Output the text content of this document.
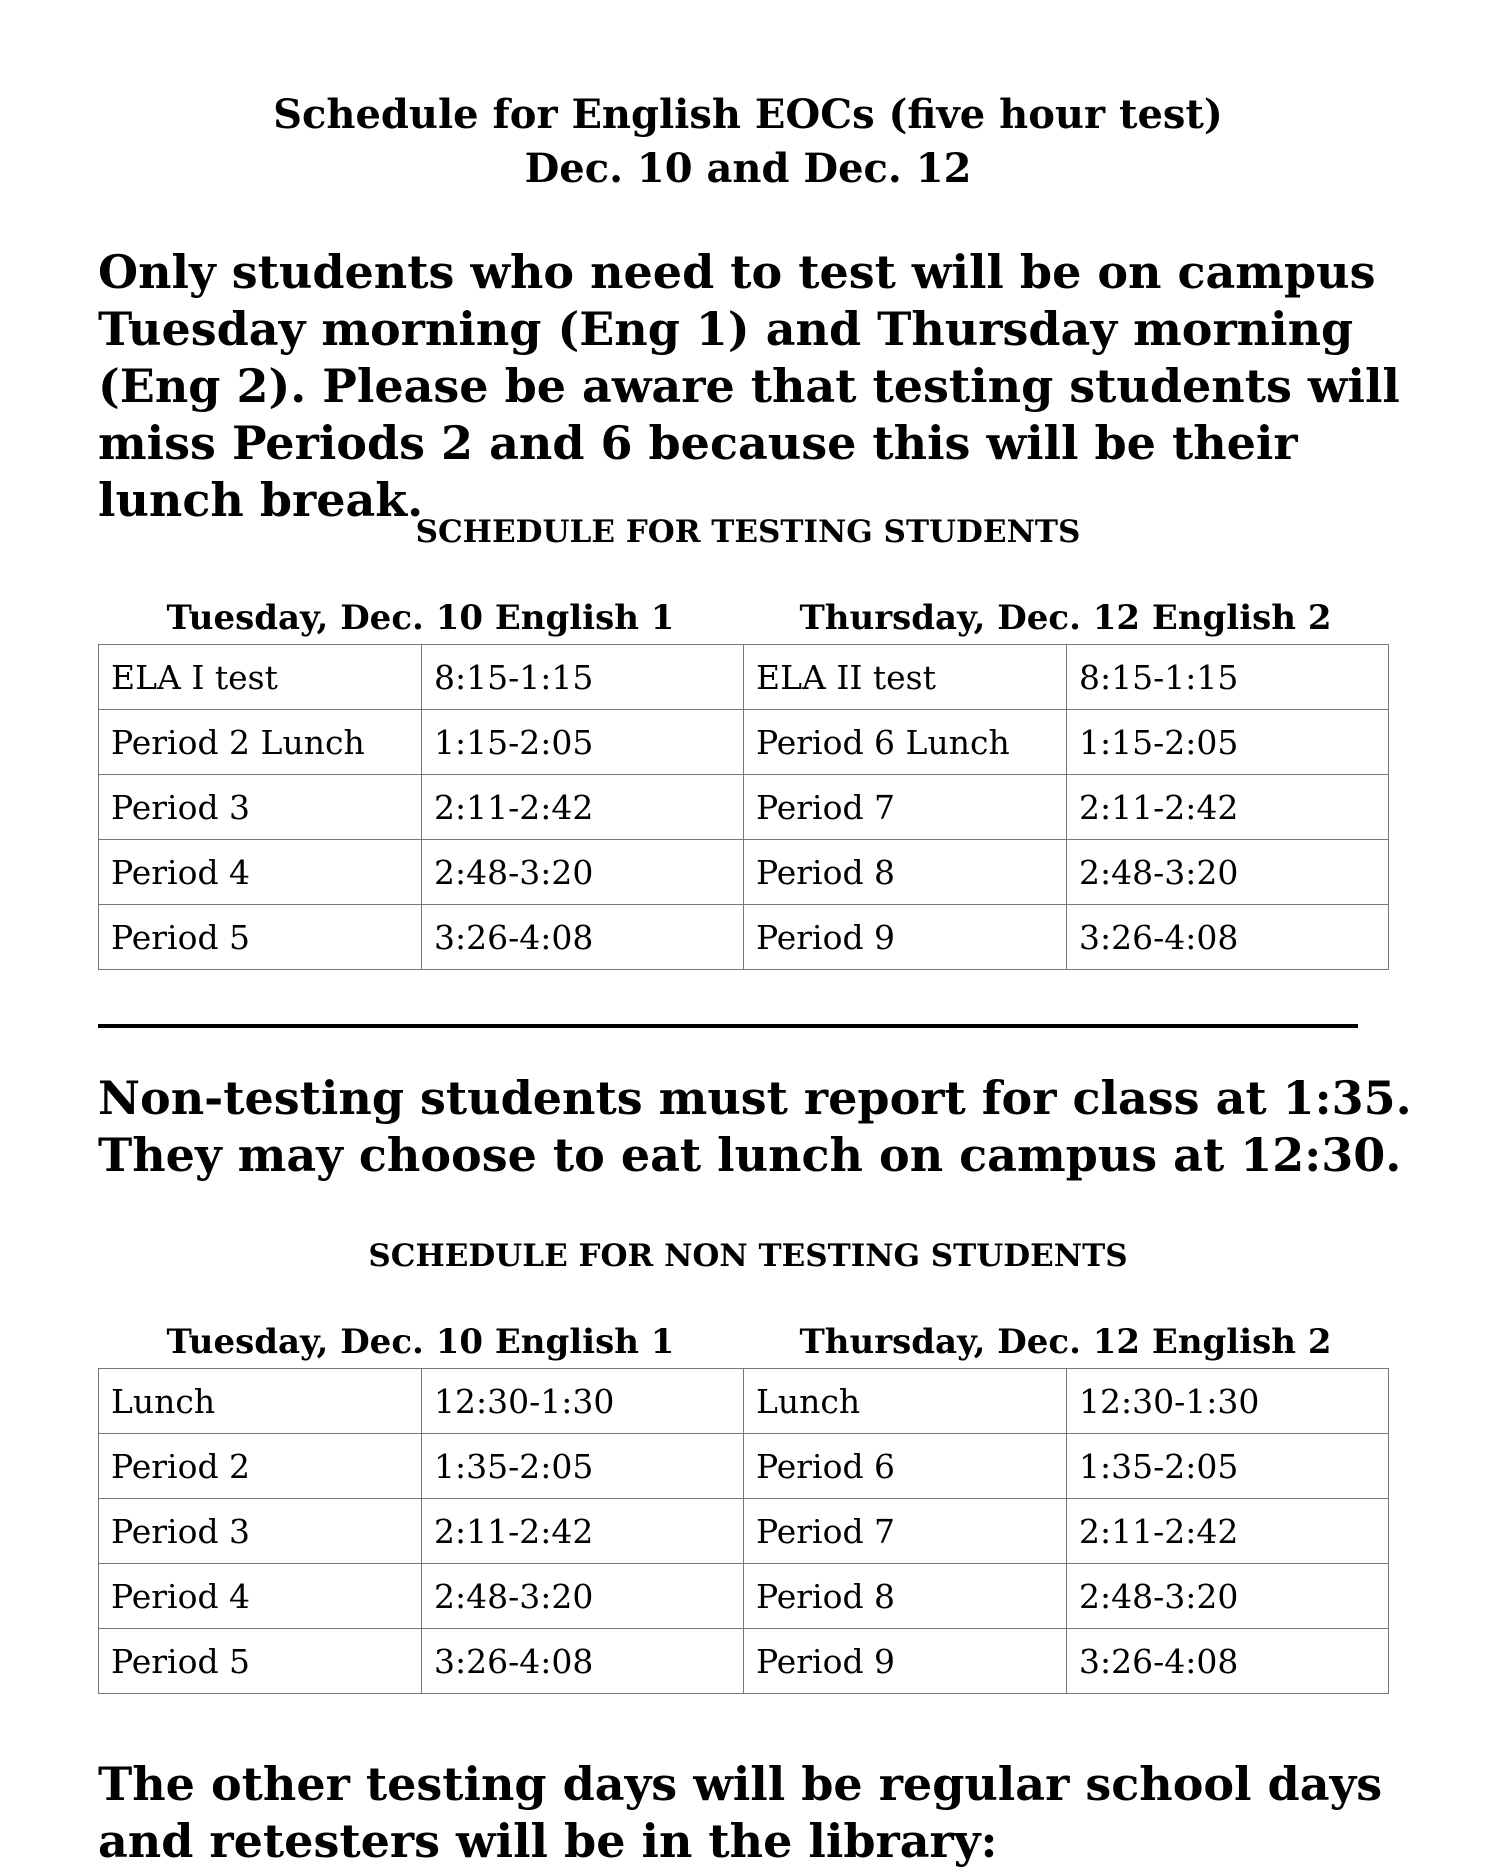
Schedule for English EOCs (five hour test)
Dec. 10 and Dec. 12
Only students who need to test will be on campus Tuesday morning (Eng 1) and Thursday morning (Eng 2). Please be aware that testing students will miss Periods 2 and 6 because this will be their lunch break.
SCHEDULE FOR TESTING STUDENTS
Tuesday, Dec. 10 English 1	Thursday, Dec. 12 English 2
ELA I test	8:15-1:15	ELA II test	8:15-1:15
Period 2 Lunch	1:15-2:05	Period 6 Lunch	1:15-2:05
Period 3	2:11-2:42	Period 7	2:11-2:42
Period 4	2:48-3:20	Period 8	2:48-3:20
Period 5	3:26-4:08	Period 9	3:26-4:08
Non-testing students must report for class at 1:35. They may choose to eat lunch on campus at 12:30.
SCHEDULE FOR NON TESTING STUDENTS
Tuesday, Dec. 10 English 1	Thursday, Dec. 12 English 2
Lunch	12:30-1:30	Lunch	12:30-1:30
Period 2	1:35-2:05	Period 6	1:35-2:05
Period 3	2:11-2:42	Period 7	2:11-2:42
Period 4	2:48-3:20	Period 8	2:48-3:20
Period 5	3:26-4:08	Period 9	3:26-4:08
The other testing days will be regular school days and retesters will be in the library:
